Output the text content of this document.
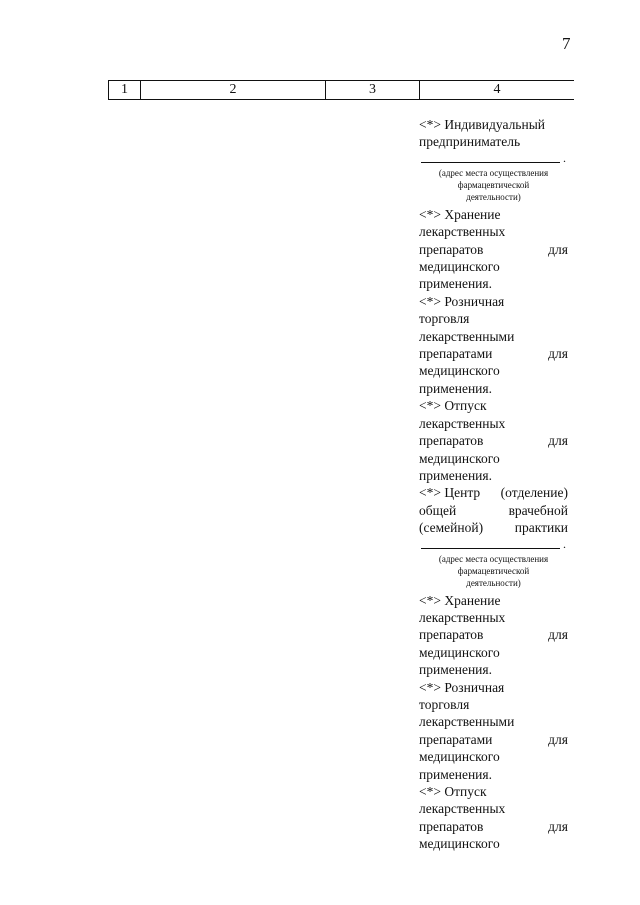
7
1	2	3	4
<*> Индивидуальный
предприниматель
.
(адрес места осуществления
фармацевтической
деятельности)
<*> Хранение
лекарственных
препаратов	для
медицинского
применения.
<*> Розничная
торговля
лекарственными
препаратами	для
медицинского
применения.
<*> Отпуск
лекарственных
препаратов	для
медицинского
применения.
<*> Центр (отделение)
общей	врачебной
(семейной) практики
.
(адрес места осуществления
фармацевтической
деятельности)
<*> Хранение
лекарственных
препаратов	для
медицинского
применения.
<*> Розничная
торговля
лекарственными
препаратами	для
медицинского
применения.
<*> Отпуск
лекарственных
препаратов	для
медицинского
